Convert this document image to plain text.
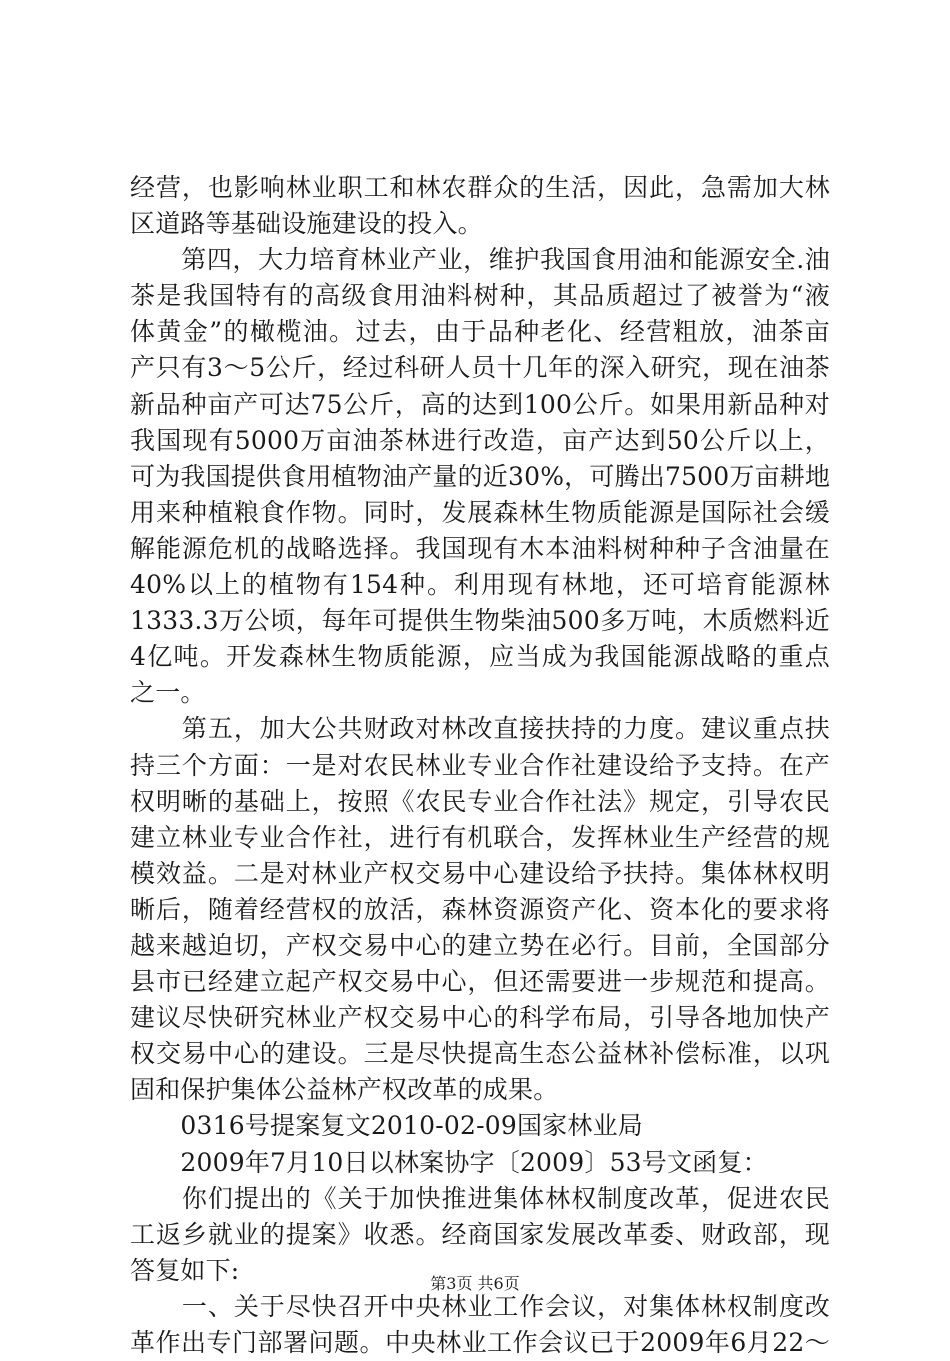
经营，也影响林业职工和林农群众的生活，因此，急需加大林
区道路等基础设施建设的投入。
　　第四，大力培育林业产业，维护我国食用油和能源安全.油
茶是我国特有的高级食用油料树种，其品质超过了被誉为“液
体黄金”的橄榄油。过去，由于品种老化、经营粗放，油茶亩
产只有3～5公斤，经过科研人员十几年的深入研究，现在油茶
新品种亩产可达75公斤，高的达到100公斤。如果用新品种对
我国现有5000万亩油茶林进行改造，亩产达到50公斤以上，
可为我国提供食用植物油产量的近30%，可腾出7500万亩耕地
用来种植粮食作物。同时，发展森林生物质能源是国际社会缓
解能源危机的战略选择。我国现有木本油料树种种子含油量在
40%以上的植物有154种。利用现有林地，还可培育能源林
1333.3万公顷，每年可提供生物柴油500多万吨，木质燃料近
4亿吨。开发森林生物质能源，应当成为我国能源战略的重点
之一。
　　第五，加大公共财政对林改直接扶持的力度。建议重点扶
持三个方面：一是对农民林业专业合作社建设给予支持。在产
权明晰的基础上，按照《农民专业合作社法》规定，引导农民
建立林业专业合作社，进行有机联合，发挥林业生产经营的规
模效益。二是对林业产权交易中心建设给予扶持。集体林权明
晰后，随着经营权的放活，森林资源资产化、资本化的要求将
越来越迫切，产权交易中心的建立势在必行。目前，全国部分
县市已经建立起产权交易中心，但还需要进一步规范和提高。
建议尽快研究林业产权交易中心的科学布局，引导各地加快产
权交易中心的建设。三是尽快提高生态公益林补偿标准，以巩
固和保护集体公益林产权改革的成果。
　　0316号提案复文2010-02-09国家林业局
　　2009年7月10日以林案协字〔2009〕53号文函复：
　　你们提出的《关于加快推进集体林权制度改革，促进农民
工返乡就业的提案》收悉。经商国家发展改革委、财政部，现
答复如下:
　　一、关于尽快召开中央林业工作会议，对集体林权制度改
革作出专门部署问题。中央林业工作会议已于2009年6月22～
第3页 共6页
